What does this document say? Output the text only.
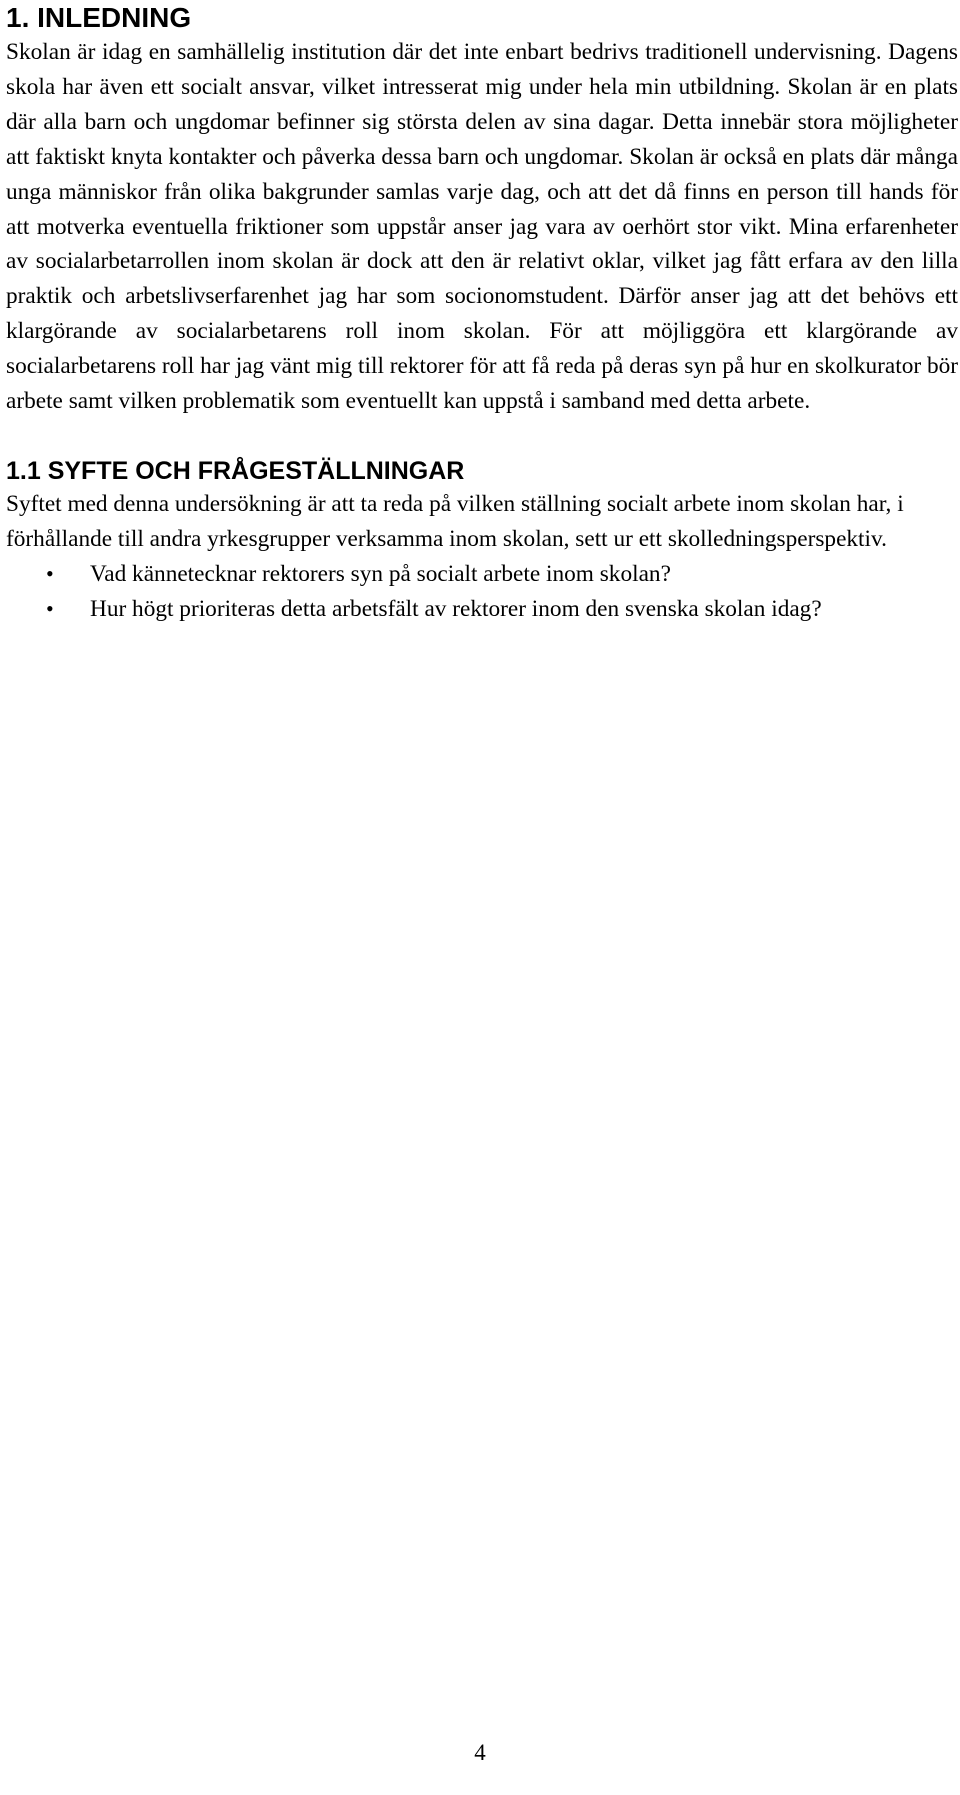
1. INLEDNING

Skolan är idag en samhällelig institution där det inte enbart bedrivs traditionell undervisning. Dagens skola har även ett socialt ansvar, vilket intresserat mig under hela min utbildning. Skolan är en plats där alla barn och ungdomar befinner sig största delen av sina dagar. Detta innebär stora möjligheter att faktiskt knyta kontakter och påverka dessa barn och ungdomar. Skolan är också en plats där många unga människor från olika bakgrunder samlas varje dag, och att det då finns en person till hands för att motverka eventuella friktioner som uppstår anser jag vara av oerhört stor vikt. Mina erfarenheter av socialarbetarrollen inom skolan är dock att den är relativt oklar, vilket jag fått erfara av den lilla praktik och arbetslivserfarenhet jag har som socionomstudent. Därför anser jag att det behövs ett klargörande av socialarbetarens roll inom skolan. För att möjliggöra ett klargörande av socialarbetarens roll har jag vänt mig till rektorer för att få reda på deras syn på hur en skolkurator bör arbete samt vilken problematik som eventuellt kan uppstå i samband med detta arbete.

1.1 SYFTE OCH FRÅGESTÄLLNINGAR

Syftet med denna undersökning är att ta reda på vilken ställning socialt arbete inom skolan har, i förhållande till andra yrkesgrupper verksamma inom skolan, sett ur ett skolledningsperspektiv.

• Vad kännetecknar rektorers syn på socialt arbete inom skolan?
• Hur högt prioriteras detta arbetsfält av rektorer inom den svenska skolan idag?
4
